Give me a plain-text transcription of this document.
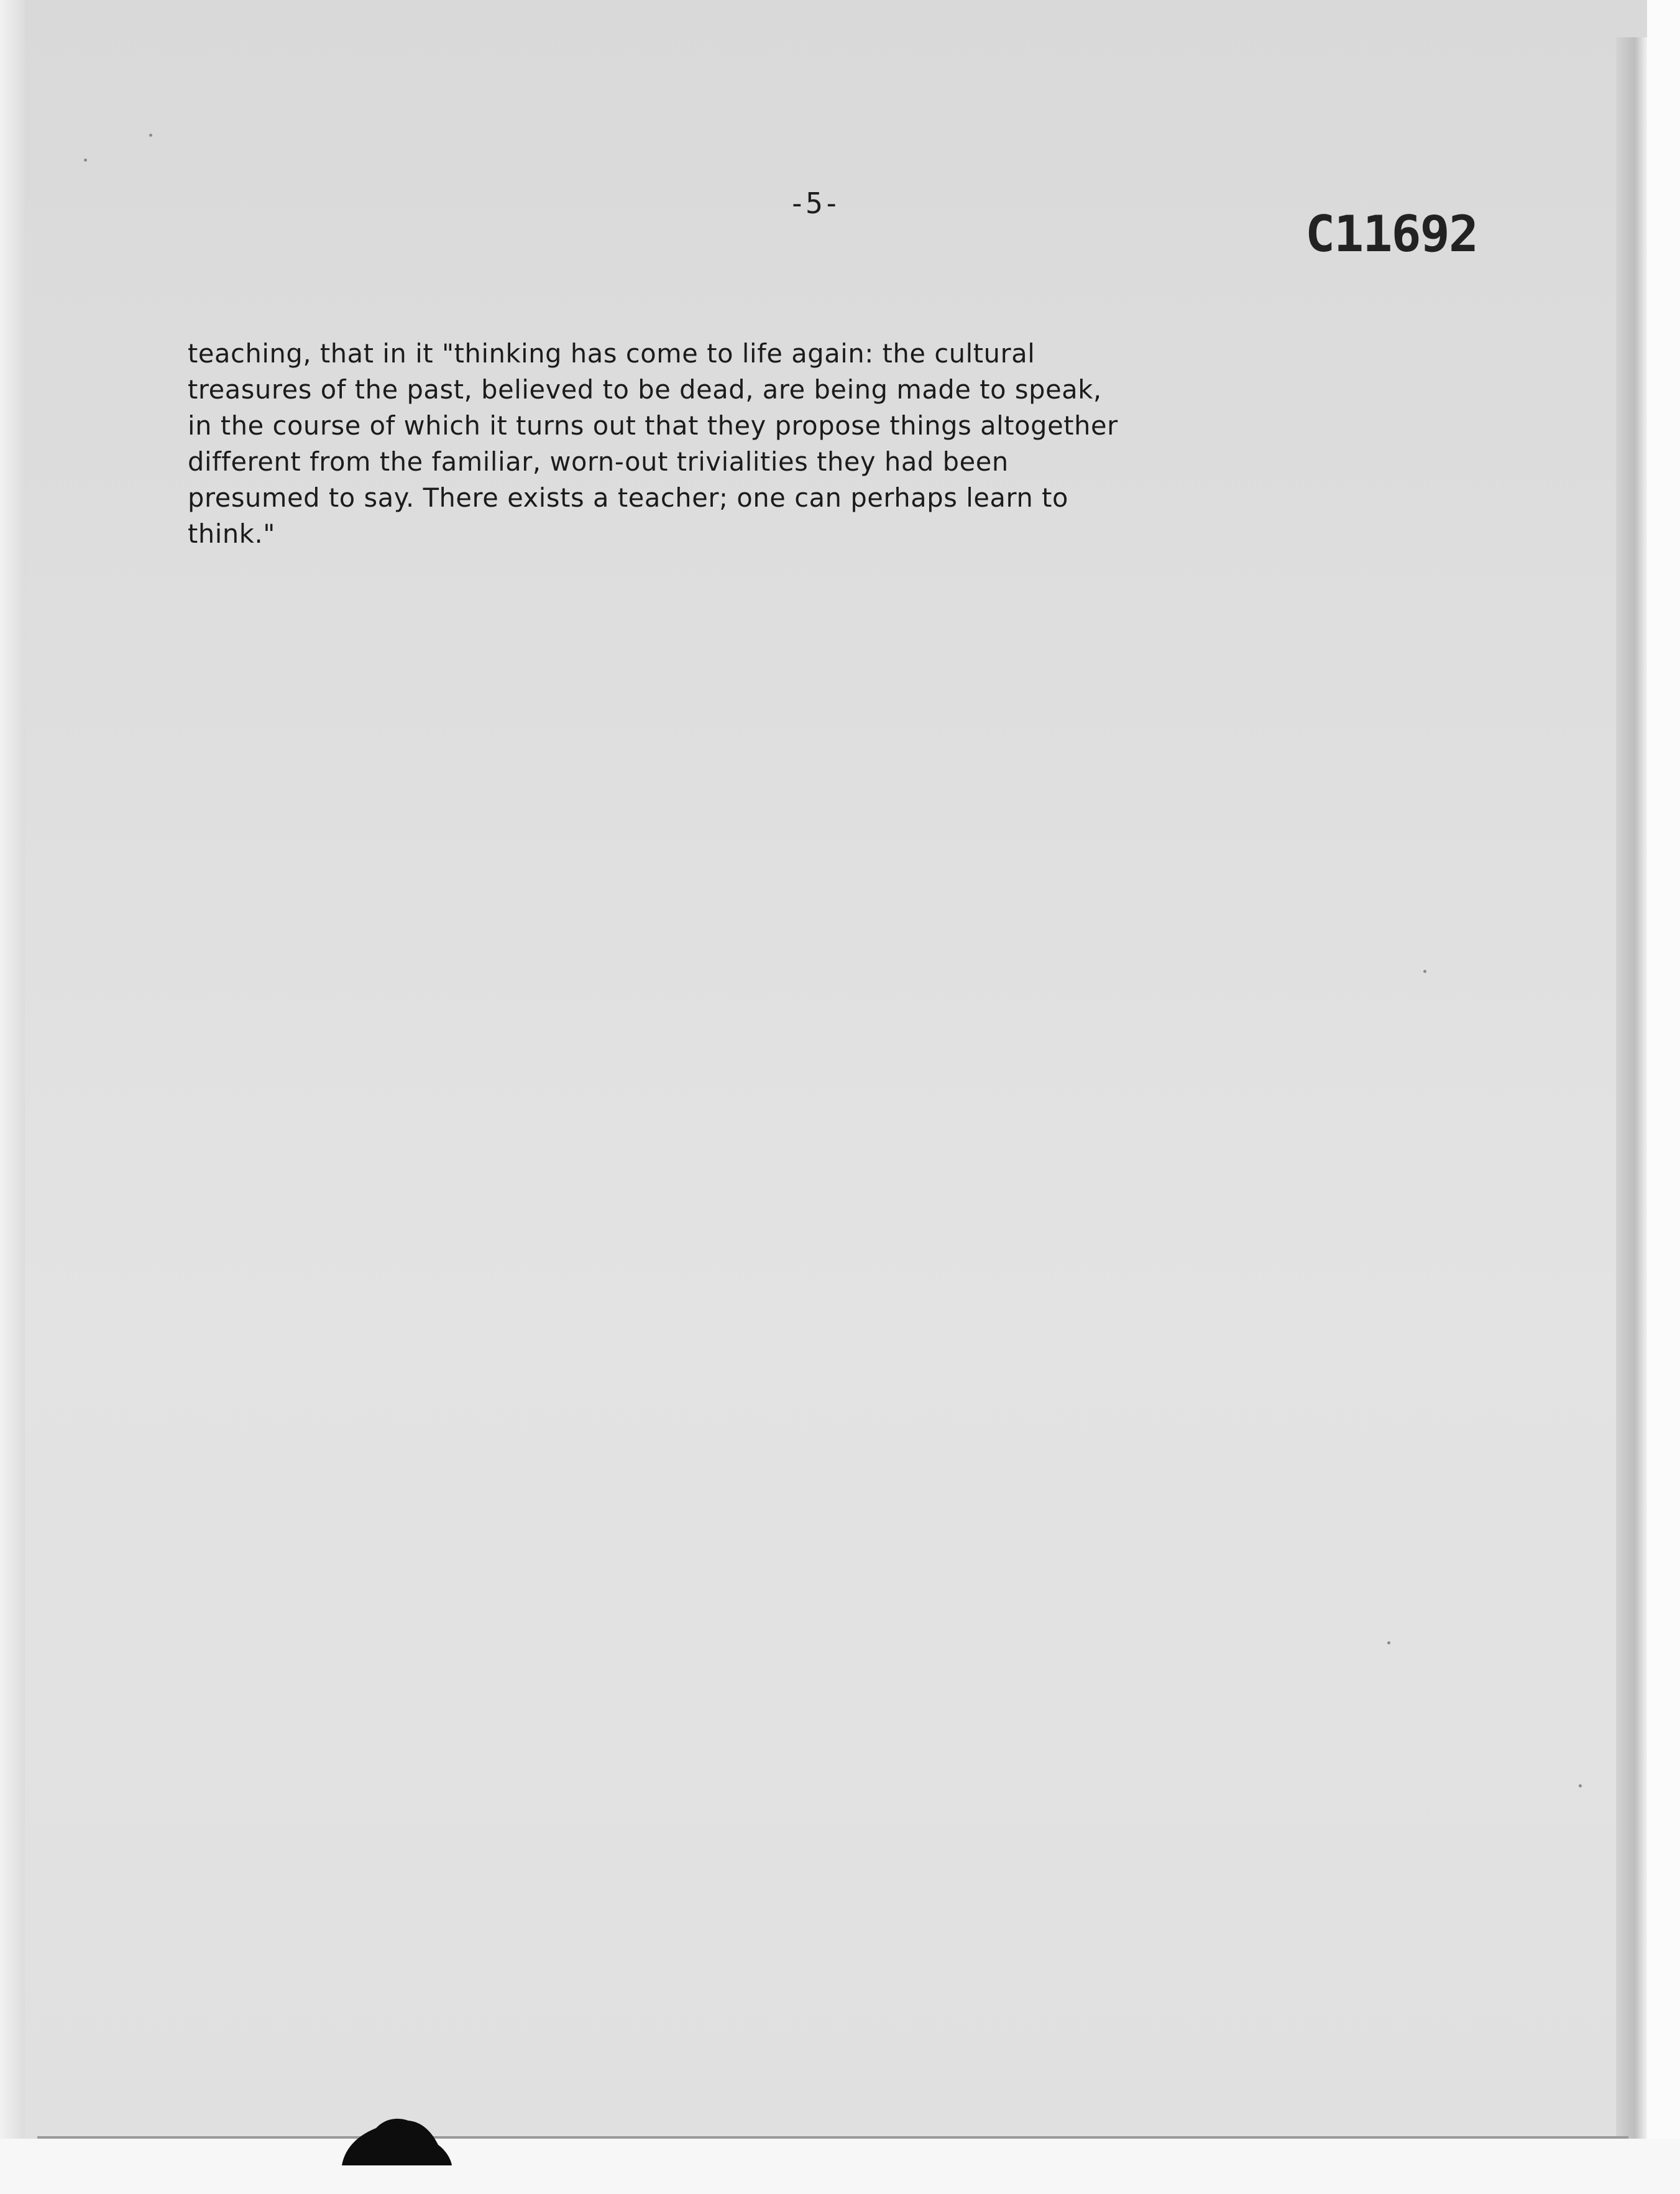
-5-
C11692
teaching, that in it "thinking has come to life again: the cultural
treasures of the past, believed to be dead, are being made to speak,
in the course of which it turns out that they propose things altogether
different from the familiar, worn-out trivialities they had been
presumed to say. There exists a teacher; one can perhaps learn to
think."
